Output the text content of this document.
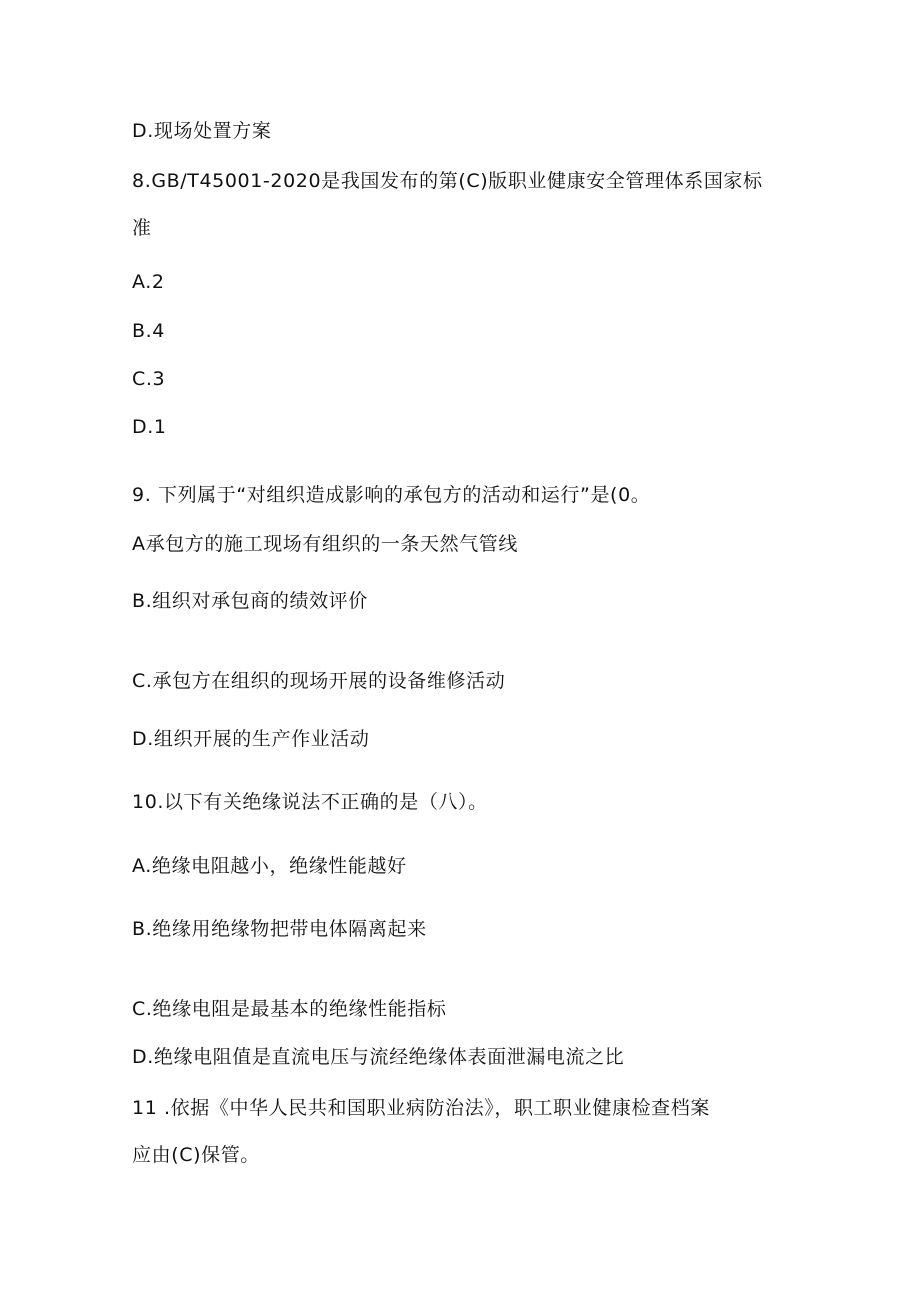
D.现场处置方案
8.GB/T45001-2020是我国发布的第(C)版职业健康安全管理体系国家标
准
A.2
B.4
C.3
D.1
9. 下列属于“对组织造成影响的承包方的活动和运行”是(0。
A承包方的施工现场有组织的一条天然气管线
B.组织对承包商的绩效评价
C.承包方在组织的现场开展的设备维修活动
D.组织开展的生产作业活动
10.以下有关绝缘说法不正确的是（八）。
A.绝缘电阻越小，绝缘性能越好
B.绝缘用绝缘物把带电体隔离起来
C.绝缘电阻是最基本的绝缘性能指标
D.绝缘电阻值是直流电压与流经绝缘体表面泄漏电流之比
11 .依据《中华人民共和国职业病防治法》，职工职业健康检查档案
应由(C)保管。
